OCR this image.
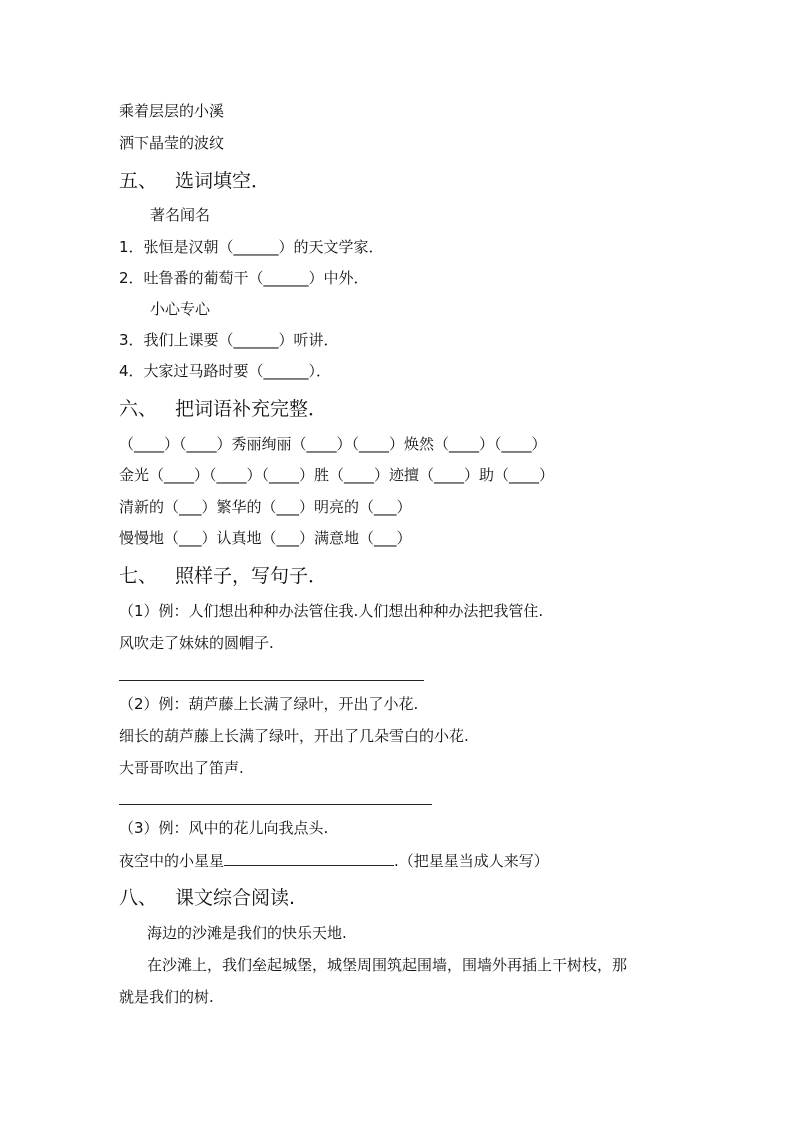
乘着层层的小溪
洒下晶莹的波纹
五、 选词填空．
著名闻名
1．张恒是汉朝（______）的天文学家．
2．吐鲁番的葡萄干（______）中外．
小心专心
3．我们上课要（______）听讲．
4．大家过马路时要（______）．
六、 把词语补充完整．
（____）（____）秀丽绚丽（____）（____）焕然（____）（____）
金光（____）（____）（____）胜（____）迹擅（____）助（____）
清新的（___）繁华的（___）明亮的（___）
慢慢地（___）认真地（___）满意地（___）
七、 照样子，写句子．
（1）例：人们想出种种办法管住我.人们想出种种办法把我管住.
风吹走了妹妹的圆帽子.
（2）例：葫芦藤上长满了绿叶，开出了小花.
细长的葫芦藤上长满了绿叶，开出了几朵雪白的小花.
大哥哥吹出了笛声.
（3）例：风中的花儿向我点头.
夜空中的小星星	.（把星星当成人来写）
八、 课文综合阅读.
海边的沙滩是我们的快乐天地.
在沙滩上，我们垒起城堡，城堡周围筑起围墙，围墙外再插上干树枝，那
就是我们的树.
